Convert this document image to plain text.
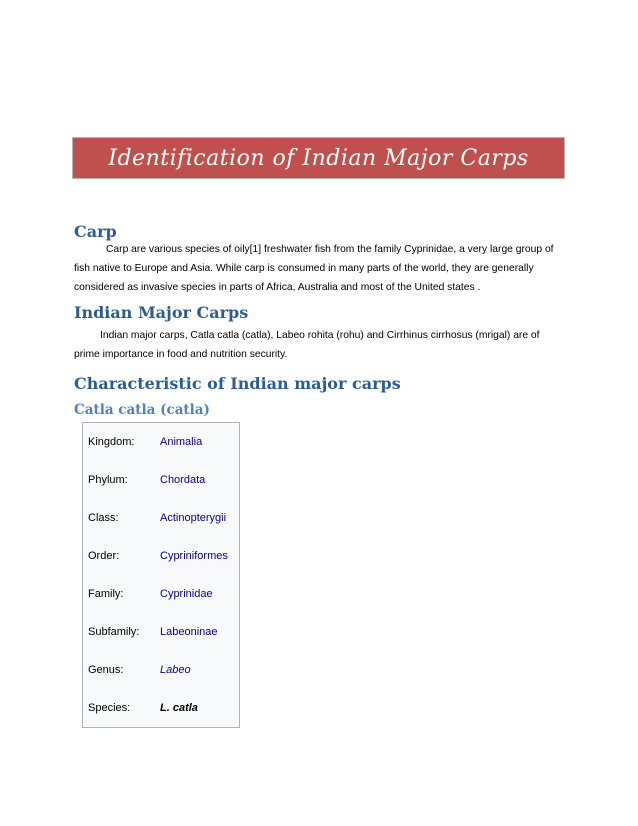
Identification of Indian Major Carps
Carp

Carp are various species of oily[1] freshwater fish from the family Cyprinidae, a very large group of fish native to Europe and Asia. While carp is consumed in many parts of the world, they are generally considered as invasive species in parts of Africa, Australia and most of the United states .

Indian Major Carps

Indian major carps, Catla catla (catla), Labeo rohita (rohu) and Cirrhinus cirrhosus (mrigal) are of prime importance in food and nutrition security.

Characteristic of Indian major carps
Catla catla (catla)
Kingdom:	Animalia
Phylum:	Chordata
Class:	Actinopterygii
Order:	Cypriniformes
Family:	Cyprinidae
Subfamily:	Labeoninae
Genus:	Labeo
Species:	L. catla
